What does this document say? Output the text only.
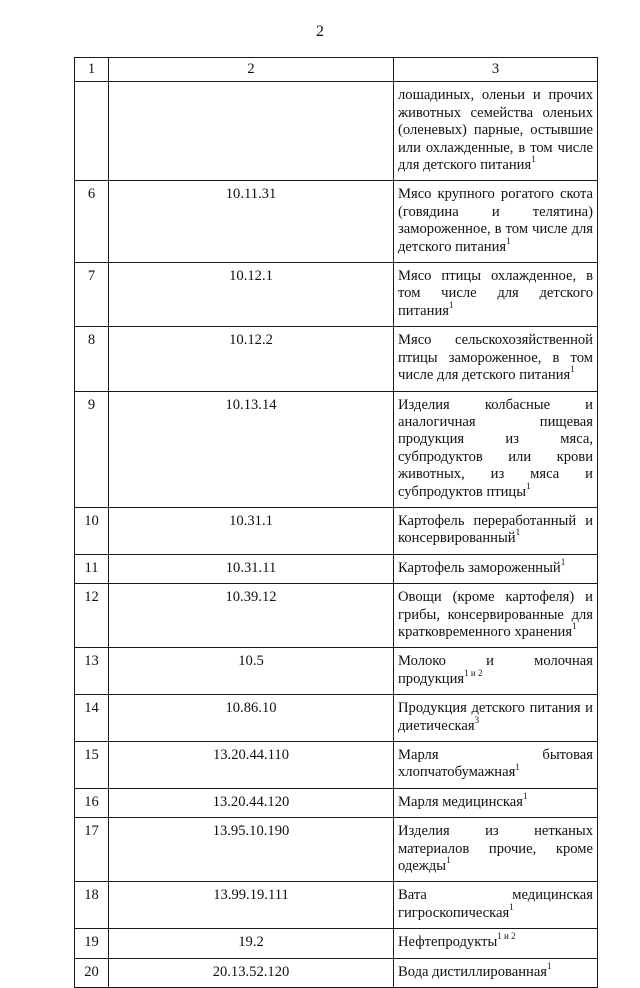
2
1	2	3
		лошадиных, оленьи и прочих животных семейства оленьих (оленевых) парные, остывшие или охлажденные, в том числе для детского питания$^1$
6	10.11.31	Мясо крупного рогатого скота (говядина и телятина) замороженное, в том числе для детского питания$^1$
7	10.12.1	Мясо птицы охлажденное, в том числе для детского питания$^1$
8	10.12.2	Мясо сельскохозяйственной птицы замороженное, в том числе для детского питания$^1$
9	10.13.14	Изделия колбасные и аналогичная пищевая продукция из мяса, субпродуктов или крови животных, из мяса и субпродуктов птицы$^1$
10	10.31.1	Картофель переработанный и консервированный$^1$
11	10.31.11	Картофель замороженный$^1$
12	10.39.12	Овощи (кроме картофеля) и грибы, консервированные для кратковременного хранения$^1$
13	10.5	Молоко и молочная продукция$^{1 и 2}$
14	10.86.10	Продукция детского питания и диетическая$^3$
15	13.20.44.110	Марля бытовая хлопчатобумажная$^1$
16	13.20.44.120	Марля медицинская$^1$
17	13.95.10.190	Изделия из нетканых материалов прочие, кроме одежды$^1$
18	13.99.19.111	Вата медицинская гигроскопическая$^1$
19	19.2	Нефтепродукты$^{1 и 2}$
20	20.13.52.120	Вода дистиллированная$^1$
